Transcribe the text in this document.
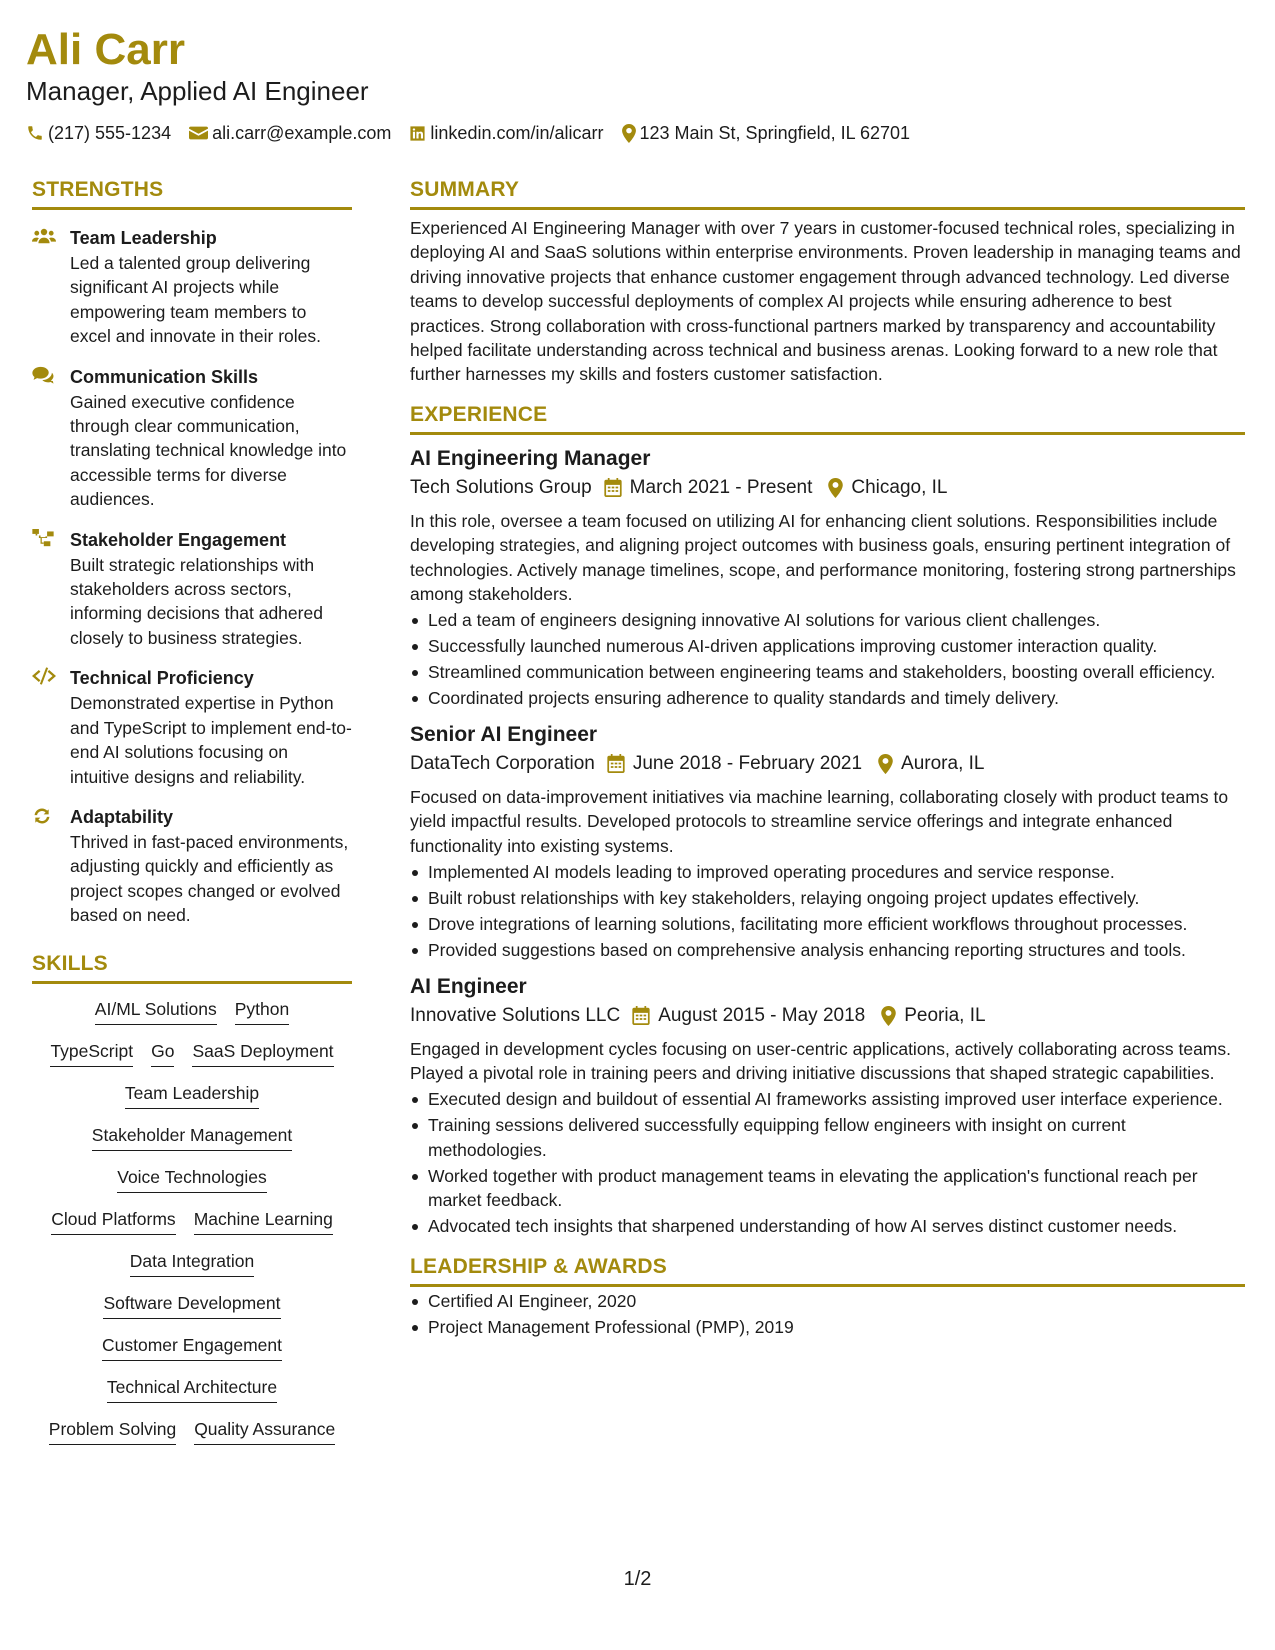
Ali Carr
Manager, Applied AI Engineer
(217) 555-1234 ali.carr@example.com linkedin.com/in/alicarr 123 Main St, Springfield, IL 62701
STRENGTHS
Team Leadership
Led a talented group delivering significant AI projects while empowering team members to excel and innovate in their roles.
Communication Skills
Gained executive confidence through clear communication, translating technical knowledge into accessible terms for diverse audiences.
Stakeholder Engagement
Built strategic relationships with stakeholders across sectors, informing decisions that adhered closely to business strategies.
Technical Proficiency
Demonstrated expertise in Python and TypeScript to implement end-to-end AI solutions focusing on intuitive designs and reliability.
Adaptability
Thrived in fast-paced environments, adjusting quickly and efficiently as project scopes changed or evolved based on need.
SKILLS
AI/ML Solutions Python
TypeScript Go SaaS Deployment
Team Leadership
Stakeholder Management
Voice Technologies
Cloud Platforms Machine Learning
Data Integration
Software Development
Customer Engagement
Technical Architecture
Problem Solving Quality Assurance
SUMMARY
Experienced AI Engineering Manager with over 7 years in customer-focused technical roles, specializing in deploying AI and SaaS solutions within enterprise environments. Proven leadership in managing teams and driving innovative projects that enhance customer engagement through advanced technology. Led diverse teams to develop successful deployments of complex AI projects while ensuring adherence to best practices. Strong collaboration with cross-functional partners marked by transparency and accountability helped facilitate understanding across technical and business arenas. Looking forward to a new role that further harnesses my skills and fosters customer satisfaction.
EXPERIENCE
AI Engineering Manager
Tech Solutions Group March 2021 - Present Chicago, IL
In this role, oversee a team focused on utilizing AI for enhancing client solutions. Responsibilities include developing strategies, and aligning project outcomes with business goals, ensuring pertinent integration of technologies. Actively manage timelines, scope, and performance monitoring, fostering strong partnerships among stakeholders.
Led a team of engineers designing innovative AI solutions for various client challenges.
Successfully launched numerous AI-driven applications improving customer interaction quality.
Streamlined communication between engineering teams and stakeholders, boosting overall efficiency.
Coordinated projects ensuring adherence to quality standards and timely delivery.
Senior AI Engineer
DataTech Corporation June 2018 - February 2021 Aurora, IL
Focused on data-improvement initiatives via machine learning, collaborating closely with product teams to yield impactful results. Developed protocols to streamline service offerings and integrate enhanced functionality into existing systems.
Implemented AI models leading to improved operating procedures and service response.
Built robust relationships with key stakeholders, relaying ongoing project updates effectively.
Drove integrations of learning solutions, facilitating more efficient workflows throughout processes.
Provided suggestions based on comprehensive analysis enhancing reporting structures and tools.
AI Engineer
Innovative Solutions LLC August 2015 - May 2018 Peoria, IL
Engaged in development cycles focusing on user-centric applications, actively collaborating across teams. Played a pivotal role in training peers and driving initiative discussions that shaped strategic capabilities.
Executed design and buildout of essential AI frameworks assisting improved user interface experience.
Training sessions delivered successfully equipping fellow engineers with insight on current methodologies.
Worked together with product management teams in elevating the application's functional reach per market feedback.
Advocated tech insights that sharpened understanding of how AI serves distinct customer needs.
LEADERSHIP & AWARDS
Certified AI Engineer, 2020
Project Management Professional (PMP), 2019
1/2
